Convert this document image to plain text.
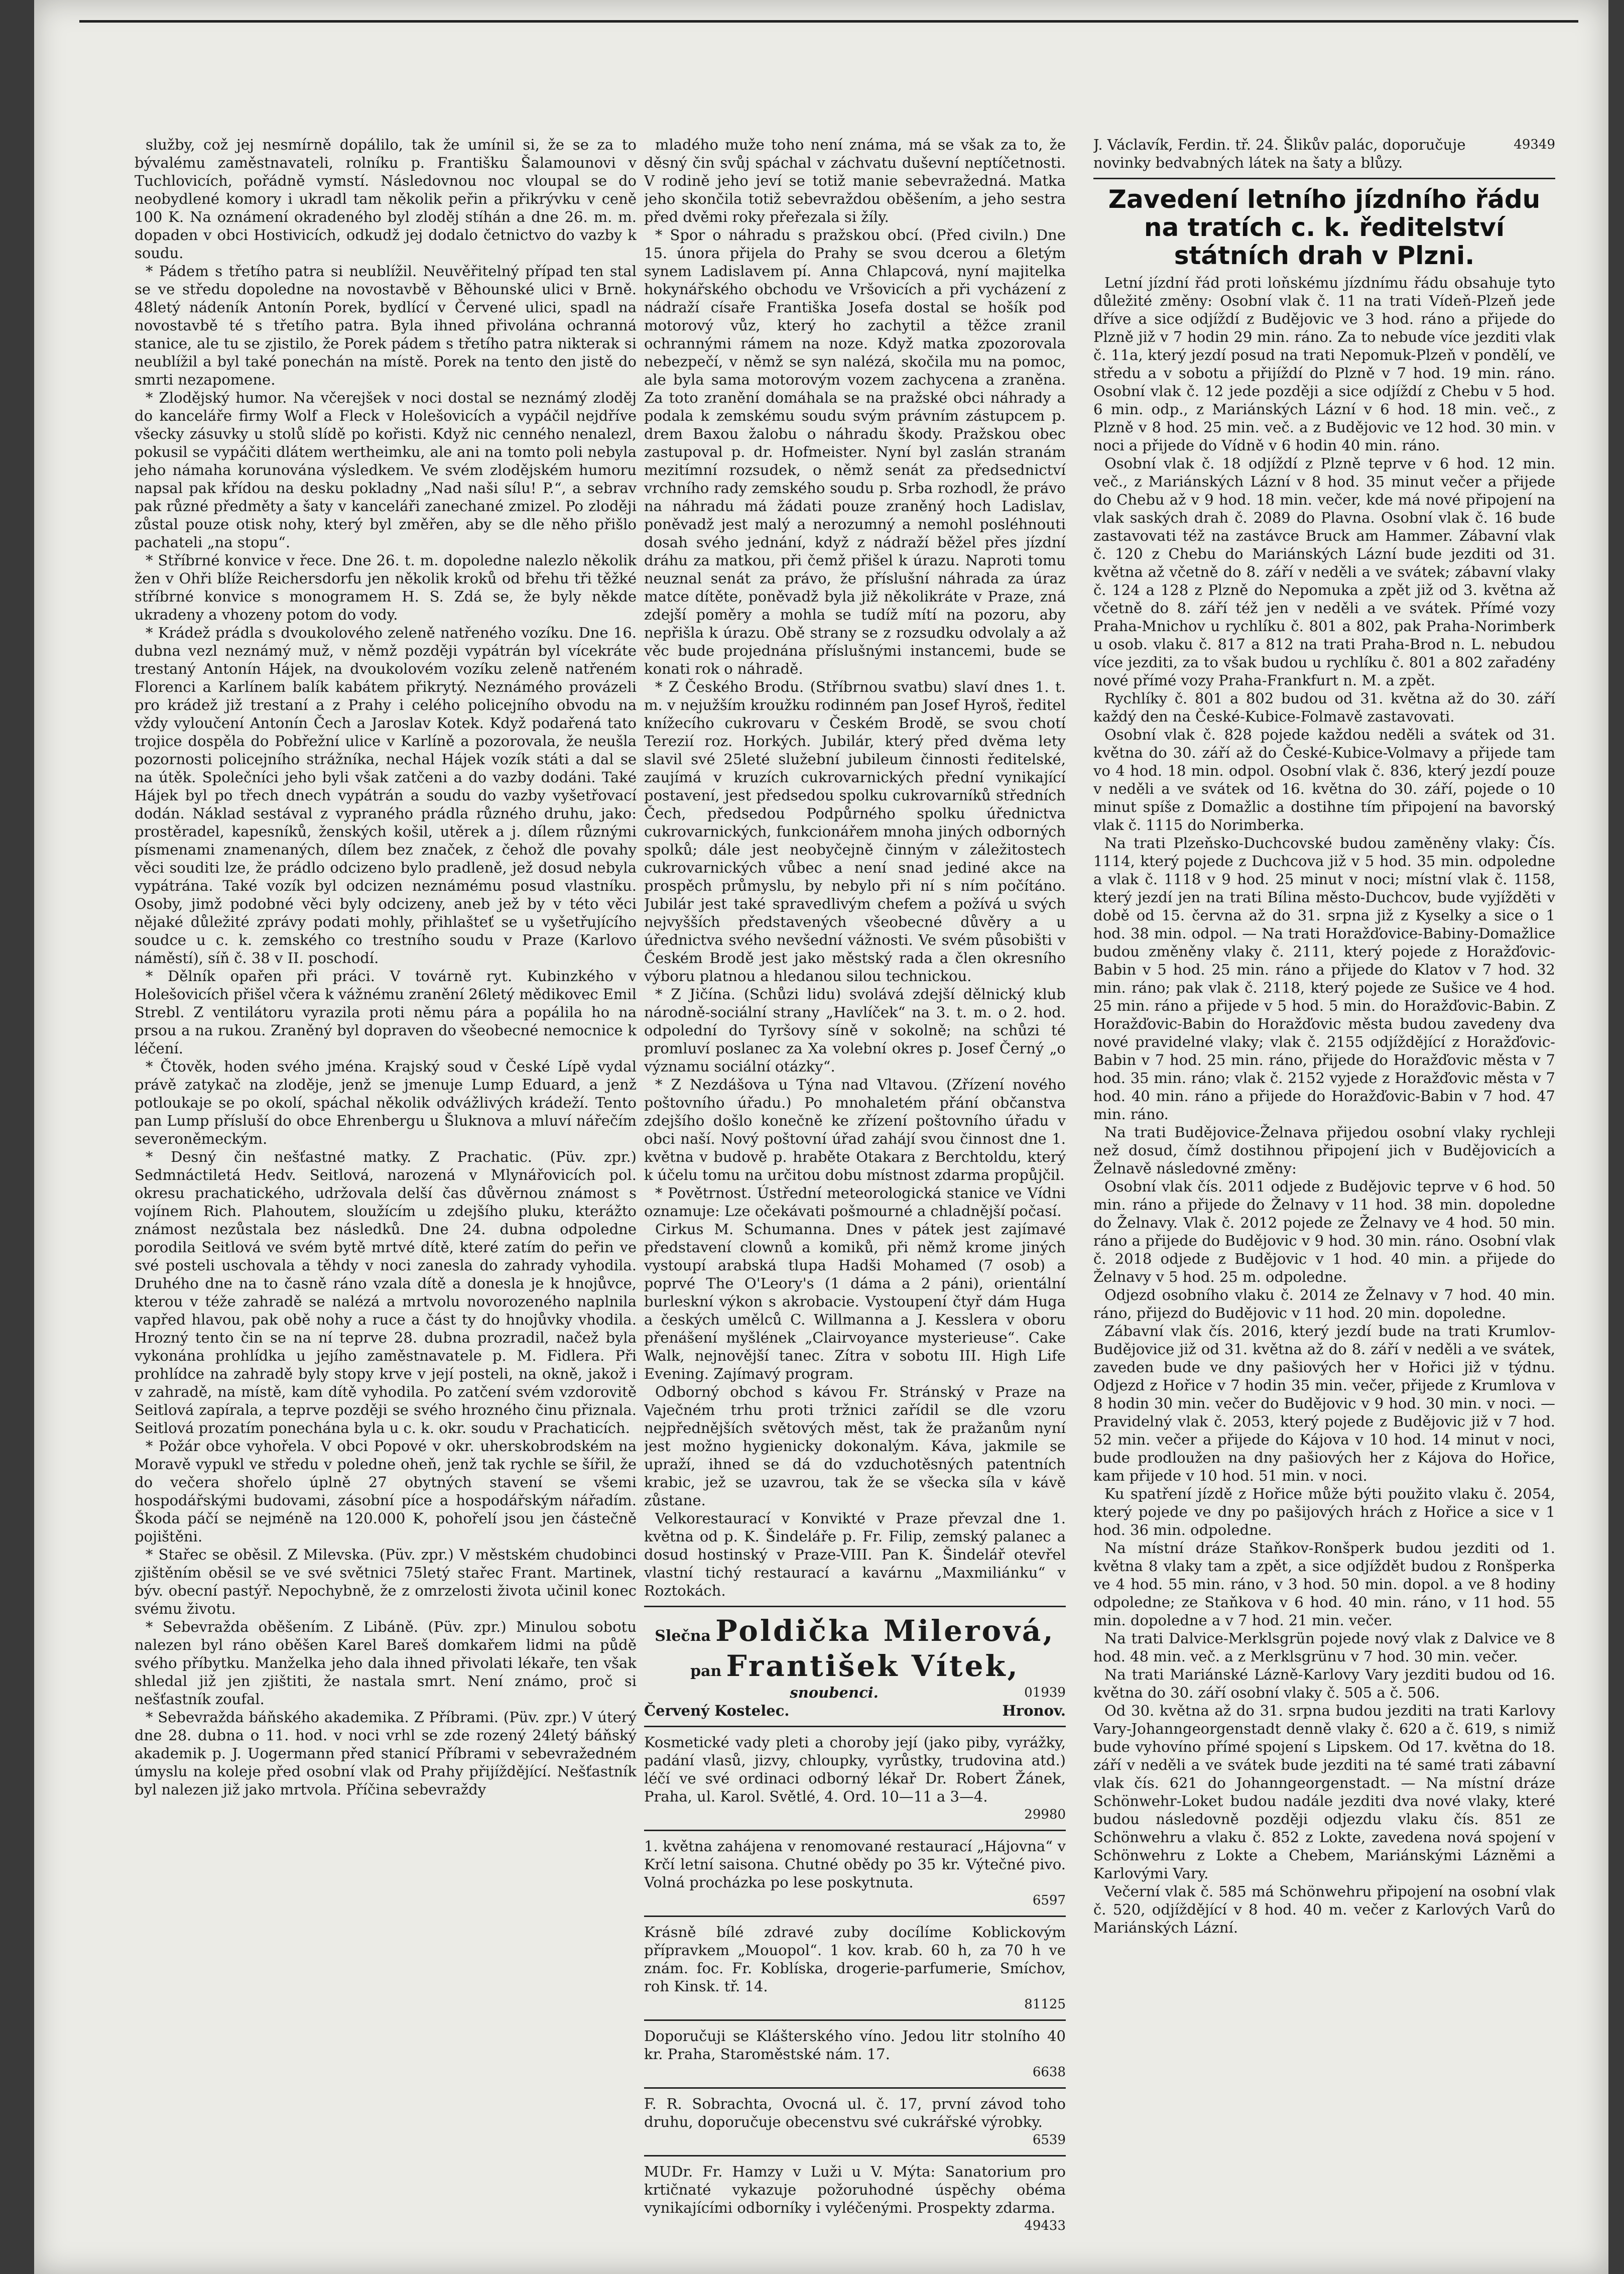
služby, což jej nesmírně dopálilo, tak že umínil si, že se za to bývalému zaměstnavateli, rolníku p. Františku Šalamounovi v Tuchlovicích, pořádně vymstí. Následovnou noc vloupal se do neobydlené komory i ukradl tam několik peřin a přikrývku v ceně 100 K. Na oznámení okradeného byl zloděj stíhán a dne 26. m. m. dopaden v obci Hostivicích, odkudž jej dodalo četnictvo do vazby k soudu.

* Pádem s třetího patra si neublížil. Neuvěřitelný případ ten stal se ve středu dopoledne na novostavbě v Běhounské ulici v Brně. 48letý nádeník Antonín Porek, bydlící v Červené ulici, spadl na novostavbě té s třetího patra. Byla ihned přivolána ochranná stanice, ale tu se zjistilo, že Porek pádem s třetího patra nikterak si neublížil a byl také ponechán na místě. Porek na tento den jistě do smrti nezapomene.

* Zlodějský humor. Na včerejšek v noci dostal se neznámý zloděj do kanceláře firmy Wolf a Fleck v Holešovicích a vypáčil nejdříve všecky zásuvky u stolů slídě po kořisti. Když nic cenného nenalezl, pokusil se vypáčiti dlátem wertheimku, ale ani na tomto poli nebyla jeho námaha korunována výsledkem. Ve svém zlodějském humoru napsal pak křídou na desku pokladny „Nad naši sílu! P.“, a sebrav pak různé předměty a šaty v kanceláři zanechané zmizel. Po zloději zůstal pouze otisk nohy, který byl změřen, aby se dle něho přišlo pachateli „na stopu“.

* Stříbrné konvice v řece. Dne 26. t. m. dopoledne nalezlo několik žen v Ohři blíže Reichersdorfu jen několik kroků od břehu tři těžké stříbrné konvice s monogramem H. S. Zdá se, že byly někde ukradeny a vhozeny potom do vody.

* Krádež prádla s dvoukolového zeleně natřeného vozíku. Dne 16. dubna vezl neznámý muž, v němž později vypátrán byl vícekráte trestaný Antonín Hájek, na dvoukolovém vozíku zeleně natřeném Florenci a Karlínem balík kabátem přikrytý. Neznámého provázeli pro krádež již trestaní a z Prahy i celého policejního obvodu na vždy vyloučení Antonín Čech a Jaroslav Kotek. Když podařená tato trojice dospěla do Pobřežní ulice v Karlíně a pozorovala, že neušla pozornosti policejního strážníka, nechal Hájek vozík státi a dal se na útěk. Společníci jeho byli však zatčeni a do vazby dodáni. Také Hájek byl po třech dnech vypátrán a soudu do vazby vyšetřovací dodán. Náklad sestával z vypraného prádla různého druhu, jako: prostěradel, kapesníků, ženských košil, utěrek a j. dílem různými písmenami znamenaných, dílem bez značek, z čehož dle povahy věci souditi lze, že prádlo odcizeno bylo pradleně, jež dosud nebyla vypátrána. Také vozík byl odcizen neznámému posud vlastníku. Osoby, jimž podobné věci byly odcizeny, aneb jež by v této věci nějaké důležité zprávy podati mohly, přihlašteť se u vyšetřujícího soudce u c. k. zemského co trestního soudu v Praze (Karlovo náměstí), síň č. 38 v II. poschodí.

* Dělník opařen při práci. V továrně ryt. Kubinzkého v Holešovicích přišel včera k vážnému zranění 26letý mědikovec Emil Strebl. Z ventilátoru vyrazila proti němu pára a popálila ho na prsou a na rukou. Zraněný byl dopraven do všeobecné nemocnice k léčení.

* Čtověk, hoden svého jména. Krajský soud v České Lípě vydal právě zatykač na zloděje, jenž se jmenuje Lump Eduard, a jenž potloukaje se po okolí, spáchal několik odvážlivých krádeží. Tento pan Lump přísluší do obce Ehrenbergu u Šluknova a mluví nářečím severoněmeckým.

* Desný čin nešťastné matky. Z Prachatic. (Püv. zpr.) Sedmnáctiletá Hedv. Seitlová, narozená v Mlynářovicích pol. okresu prachatického, udržovala delší čas důvěrnou známost s vojínem Rich. Plahoutem, sloužícím u zdejšího pluku, kterážto známost nezůstala bez následků. Dne 24. dubna odpoledne porodila Seitlová ve svém bytě mrtvé dítě, které zatím do peřin ve své posteli uschovala a těhdy v noci zanesla do zahrady vyhodila. Druhého dne na to časně ráno vzala dítě a donesla je k hnojůvce, kterou v téže zahradě se nalézá a mrtvolu novorozeného naplnila vapřed hlavou, pak obě nohy a ruce a část ty do hnojůvky vhodila. Hrozný tento čin se na ní teprve 28. dubna prozradil, načež byla vykonána prohlídka u jejího zaměstnavatele p. M. Fidlera. Při prohlídce na zahradě byly stopy krve v její posteli, na okně, jakož i v zahradě, na místě, kam dítě vyhodila. Po zatčení svém vzdorovitě Seitlová zapírala, a teprve později se svého hrozného činu přiznala. Seitlová prozatím ponechána byla u c. k. okr. soudu v Prachaticích.

* Požár obce vyhořela. V obci Popové v okr. uherskobrodském na Moravě vypukl ve středu v poledne oheň, jenž tak rychle se šířil, že do večera shořelo úplně 27 obytných stavení se všemi hospodářskými budovami, zásobní píce a hospodářským nářadím. Škoda páčí se nejméně na 120.000 K, pohořelí jsou jen částečně pojištěni.

* Stařec se oběsil. Z Milevska. (Püv. zpr.) V městském chudobinci zjištěním oběsil se ve své světnici 75letý stařec Frant. Martinek, býv. obecní pastýř. Nepochybně, že z omrzelosti života učinil konec svému životu.

* Sebevražda oběšením. Z Libáně. (Püv. zpr.) Minulou sobotu nalezen byl ráno oběšen Karel Bareš domkařem lidmi na půdě svého příbytku. Manželka jeho dala ihned přivolati lékaře, ten však shledal již jen zjištiti, že nastala smrt. Není známo, proč si nešťastník zoufal.

* Sebevražda báňského akademika. Z Příbrami. (Püv. zpr.) V úterý dne 28. dubna o 11. hod. v noci vrhl se zde rozený 24letý báňský akademik p. J. Uogermann před stanicí Příbrami v sebevražedném úmyslu na koleje před osobní vlak od Prahy přijíždějící. Nešťastník byl nalezen již jako mrtvola. Příčina sebevraždy

mladého muže toho není známa, má se však za to, že děsný čin svůj spáchal v záchvatu duševní neptíčetnosti. V rodině jeho jeví se totiž manie sebevražedná. Matka jeho skončila totiž sebevraždou oběšením, a jeho sestra před dvěmi roky přeřezala si žíly.

* Spor o náhradu s pražskou obcí. (Před civiln.) Dne 15. února přijela do Prahy se svou dcerou a 6letým synem Ladislavem pí. Anna Chlapcová, nyní majitelka hokynářského obchodu ve Vršovicích a při vycházení z nádraží císaře Františka Josefa dostal se hošík pod motorový vůz, který ho zachytil a těžce zranil ochrannými rámem na noze. Když matka zpozorovala nebezpečí, v němž se syn nalézá, skočila mu na pomoc, ale byla sama motorovým vozem zachycena a zraněna. Za toto zranění domáhala se na pražské obci náhrady a podala k zemskému soudu svým právním zástupcem p. drem Baxou žalobu o náhradu škody. Pražskou obec zastupoval p. dr. Hofmeister. Nyní byl zaslán stranám mezitímní rozsudek, o němž senát za předsednictví vrchního rady zemského soudu p. Srba rozhodl, že právo na náhradu má žádati pouze zraněný hoch Ladislav, poněvadž jest malý a nerozumný a nemohl posléhnouti dosah svého jednání, když z nádraží běžel přes jízdní dráhu za matkou, při čemž přišel k úrazu. Naproti tomu neuznal senát za právo, že příslušní náhrada za úraz matce dítěte, poněvadž byla již několikráte v Praze, zná zdejší poměry a mohla se tudíž mítí na pozoru, aby nepřišla k úrazu. Obě strany se z rozsudku odvolaly a až věc bude projednána příslušnými instancemi, bude se konati rok o náhradě.

* Z Českého Brodu. (Stříbrnou svatbu) slaví dnes 1. t. m. v nejužším kroužku rodinném pan Josef Hyroš, ředitel knížecího cukrovaru v Českém Brodě, se svou chotí Terezií roz. Horkých. Jubilár, který před dvěma lety slavil své 25leté služební jubileum činnosti ředitelské, zaujímá v kruzích cukrovarnických přední vynikající postavení, jest předsedou spolku cukrovarníků středních Čech, předsedou Podpůrného spolku úřednictva cukrovarnických, funkcionářem mnoha jiných odborných spolků; dále jest neobyčejně činným v záležitostech cukrovarnických vůbec a není snad jediné akce na prospěch průmyslu, by nebylo při ní s ním počítáno. Jubilár jest také spravedlivým chefem a požívá u svých nejvyšších představených všeobecné důvěry a u úřednictva svého nevšední vážnosti. Ve svém působišti v Českém Brodě jest jako městský rada a člen okresního výboru platnou a hledanou silou technickou.

* Z Jičína. (Schůzi lidu) svolává zdejší dělnický klub národně-sociální strany „Havlíček“ na 3. t. m. o 2. hod. odpolední do Tyršovy síně v sokolně; na schůzi té promluví poslanec za Xa volební okres p. Josef Černý „o významu sociální otázky“.

* Z Nezdášova u Týna nad Vltavou. (Zřízení nového poštovního úřadu.) Po mnohaletém přání občanstva zdejšího došlo konečně ke zřízení poštovního úřadu v obci naší. Nový poštovní úřad zahájí svou činnost dne 1. května v budově p. hraběte Otakara z Berchtoldu, který k účelu tomu na určitou dobu místnost zdarma propůjčil.

* Povětrnost. Ústřední meteorologická stanice ve Vídni oznamuje: Lze očekávati pošmourné a chladnější počasí.

Cirkus M. Schumanna. Dnes v pátek jest zajímavé představení clownů a komiků, při němž krome jiných vystoupí arabská tlupa Hadši Mohamed (7 osob) a poprvé The O'Leory's (1 dáma a 2 páni), orientální burleskní výkon s akrobacie. Vystoupení čtyř dám Huga a českých umělců C. Willmanna a J. Kesslera v oboru přenášení myšlének „Clairvoyance mysterieuse“. Cake Walk, nejnovější tanec. Zítra v sobotu III. High Life Evening. Zajímavý program.

Odborný obchod s kávou Fr. Stránský v Praze na Vaječném trhu proti tržnici zařídil se dle vzoru nejpřednějších světových měst, tak že pražanům nyní jest možno hygienicky dokonalým. Káva, jakmile se upraží, ihned se dá do vzduchotěsných patentních krabic, jež se uzavrou, tak že se všecka síla v kávě zůstane.

Velkorestaurací v Konvikté v Praze převzal dne 1. května od p. K. Šindeláře p. Fr. Filip, zemský palanec a dosud hostinský v Praze-VIII. Pan K. Šindelář otevřel vlastní tichý restaurací a kavárnu „Maxmiliánku“ v Roztokách.

Slečna Poldička Milerová,
pan František Vítek,
snoubenci.	01939
Červený Kostelec.	Hronov.

Kosmetické vady pleti a choroby její (jako piby, vyrážky, padání vlasů, jizvy, chloupky, vyrůstky, trudovina atd.) léčí ve své ordinaci odborný lékař Dr. Robert Žánek, Praha, ul. Karol. Světlé, 4. Ord. 10—11 a 3—4.

29980

1. května zahájena v renomované restaurací „Hájovna“ v Krčí letní saisona. Chutné obědy po 35 kr. Výtečné pivo. Volná procházka po lese poskytnuta.

6597

Krásně bílé zdravé zuby docílíme Koblickovým přípravkem „Mouopol“. 1 kov. krab. 60 h, za 70 h ve znám. foc. Fr. Koblíska, drogerie-parfumerie, Smíchov, roh Kinsk. tř. 14.

81125

Doporučuji se Klášterského víno. Jedou litr stolního 40 kr. Praha, Staroměstské nám. 17.

6638

F. R. Sobrachta, Ovocná ul. č. 17, první závod toho druhu, doporučuje obecenstvu své cukrářské výrobky.

6539

MUDr. Fr. Hamzy v Luži u V. Mýta: Sanatorium pro krtičnaté vykazuje požoruhodné úspěchy obéma vynikajícími odborníky i vyléčenými. Prospekty zdarma.

49433
J. Václavík, Ferdin. tř. 24. Šlikův palác, doporučuje novinky bedvabných látek na šaty a blůzy.
49349
Zavedení letního jízdního řádu na tratích c. k. ředitelství státních drah v Plzni.

Letní jízdní řád proti loňskému jízdnímu řádu obsahuje tyto důležité změny: Osobní vlak č. 11 na trati Vídeň-Plzeň jede dříve a sice odjíždí z Budějovic ve 3 hod. ráno a přijede do Plzně již v 7 hodin 29 min. ráno. Za to nebude více jezditi vlak č. 11a, který jezdí posud na trati Nepomuk-Plzeň v pondělí, ve středu a v sobotu a přijíždí do Plzně v 7 hod. 19 min. ráno. Osobní vlak č. 12 jede později a sice odjíždí z Chebu v 5 hod. 6 min. odp., z Mariánských Lázní v 6 hod. 18 min. več., z Plzně v 8 hod. 25 min. več. a z Budějovic ve 12 hod. 30 min. v noci a přijede do Vídně v 6 hodin 40 min. ráno.

Osobní vlak č. 18 odjíždí z Plzně teprve v 6 hod. 12 min. več., z Mariánských Lázní v 8 hod. 35 minut večer a přijede do Chebu až v 9 hod. 18 min. večer, kde má nové připojení na vlak saských drah č. 2089 do Plavna. Osobní vlak č. 16 bude zastavovati též na zastávce Bruck am Hammer. Zábavní vlak č. 120 z Chebu do Mariánských Lázní bude jezditi od 31. května až včetně do 8. září v neděli a ve svátek; zábavní vlaky č. 124 a 128 z Plzně do Nepomuka a zpět již od 3. května až včetně do 8. září též jen v neděli a ve svátek. Přímé vozy Praha-Mnichov u rychlíku č. 801 a 802, pak Praha-Norimberk u osob. vlaku č. 817 a 812 na trati Praha-Brod n. L. nebudou více jezditi, za to však budou u rychlíku č. 801 a 802 zařadény nové přímé vozy Praha-Frankfurt n. M. a zpět.

Rychlíky č. 801 a 802 budou od 31. května až do 30. září každý den na České-Kubice-Folmavě zastavovati.

Osobní vlak č. 828 pojede každou neděli a svátek od 31. května do 30. září až do České-Kubice-Volmavy a přijede tam vo 4 hod. 18 min. odpol. Osobní vlak č. 836, který jezdí pouze v neděli a ve svátek od 16. května do 30. září, pojede o 10 minut spíše z Domažlic a dostihne tím připojení na bavorský vlak č. 1115 do Norimberka.

Na trati Plzeňsko-Duchcovské budou zaměněny vlaky: Čís. 1114, který pojede z Duchcova již v 5 hod. 35 min. odpoledne a vlak č. 1118 v 9 hod. 25 minut v noci; místní vlak č. 1158, který jezdí jen na trati Bílina město-Duchcov, bude vyjížděti v době od 15. června až do 31. srpna již z Kyselky a sice o 1 hod. 38 min. odpol. — Na trati Horažďovice-Babiny-Domažlice budou změněny vlaky č. 2111, který pojede z Horažďovic-Babin v 5 hod. 25 min. ráno a přijede do Klatov v 7 hod. 32 min. ráno; pak vlak č. 2118, který pojede ze Sušice ve 4 hod. 25 min. ráno a přijede v 5 hod. 5 min. do Horažďovic-Babin. Z Horažďovic-Babin do Horažďovic města budou zavedeny dva nové pravidelné vlaky; vlak č. 2155 odjíždějící z Horažďovic-Babin v 7 hod. 25 min. ráno, přijede do Horažďovic města v 7 hod. 35 min. ráno; vlak č. 2152 vyjede z Horažďovic města v 7 hod. 40 min. ráno a přijede do Horažďovic-Babin v 7 hod. 47 min. ráno.

Na trati Budějovice-Želnava přijedou osobní vlaky rychleji než dosud, čímž dostihnou připojení jich v Budějovicích a Želnavě následovné změny:

Osobní vlak čís. 2011 odjede z Budějovic teprve v 6 hod. 50 min. ráno a přijede do Želnavy v 11 hod. 38 min. dopoledne do Želnavy. Vlak č. 2012 pojede ze Želnavy ve 4 hod. 50 min. ráno a přijede do Budějovic v 9 hod. 30 min. ráno. Osobní vlak č. 2018 odjede z Budějovic v 1 hod. 40 min. a přijede do Želnavy v 5 hod. 25 m. odpoledne.

Odjezd osobního vlaku č. 2014 ze Želnavy v 7 hod. 40 min. ráno, přijezd do Budějovic v 11 hod. 20 min. dopoledne.

Zábavní vlak čís. 2016, který jezdí bude na trati Krumlov-Budějovice již od 31. května až do 8. září v neděli a ve svátek, zaveden bude ve dny pašiových her v Hořici již v týdnu. Odjezd z Hořice v 7 hodin 35 min. večer, přijede z Krumlova v 8 hodin 30 min. večer do Budějovic v 9 hod. 30 min. v noci. — Pravidelný vlak č. 2053, který pojede z Budějovic již v 7 hod. 52 min. večer a přijede do Kájova v 10 hod. 14 minut v noci, bude prodloužen na dny pašiových her z Kájova do Hořice, kam přijede v 10 hod. 51 min. v noci.

Ku spatření jízdě z Hořice může býti použito vlaku č. 2054, který pojede ve dny po pašijových hrách z Hořice a sice v 1 hod. 36 min. odpoledne.

Na místní dráze Staňkov-Ronšperk budou jezditi od 1. května 8 vlaky tam a zpět, a sice odjíždět budou z Ronšperka ve 4 hod. 55 min. ráno, v 3 hod. 50 min. dopol. a ve 8 hodiny odpoledne; ze Staňkova v 6 hod. 40 min. ráno, v 11 hod. 55 min. dopoledne a v 7 hod. 21 min. večer.

Na trati Dalvice-Merklsgrün pojede nový vlak z Dalvice ve 8 hod. 48 min. več. a z Merklsgrünu v 7 hod. 30 min. večer.

Na trati Mariánské Lázně-Karlovy Vary jezditi budou od 16. května do 30. září osobní vlaky č. 505 a č. 506.

Od 30. května až do 31. srpna budou jezditi na trati Karlovy Vary-Johanngeorgenstadt denně vlaky č. 620 a č. 619, s nimiž bude vyhovíno přímé spojení s Lipskem. Od 17. května do 18. září v neděli a ve svátek bude jezditi na té samé trati zábavní vlak čís. 621 do Johanngeorgenstadt. — Na místní dráze Schönwehr-Loket budou nadále jezditi dva nové vlaky, které budou následovně později odjezdu vlaku čís. 851 ze Schönwehru a vlaku č. 852 z Lokte, zavedena nová spojení v Schönwehru z Lokte a Chebem, Mariánskými Lázněmi a Karlovými Vary.

Večerní vlak č. 585 má Schönwehru připojení na osobní vlak č. 520, odjíždějící v 8 hod. 40 m. večer z Karlových Varů do Mariánských Lázní.
